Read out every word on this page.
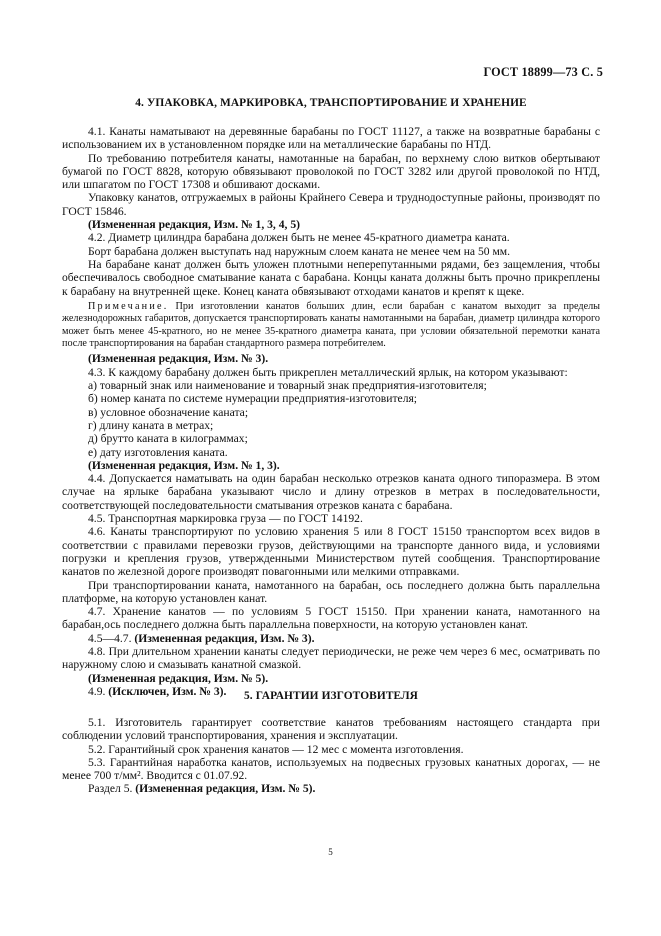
ГОСТ 18899—73 С. 5
4. УПАКОВКА, МАРКИРОВКА, ТРАНСПОРТИРОВАНИЕ И ХРАНЕНИЕ

4.1. Канаты наматывают на деревянные барабаны по ГОСТ 11127, а также на возвратные барабаны с использованием их в установленном порядке или на металлические барабаны по НТД.

По требованию потребителя канаты, намотанные на барабан, по верхнему слою витков обертывают бумагой по ГОСТ 8828, которую обвязывают проволокой по ГОСТ 3282 или другой проволокой по НТД, или шпагатом по ГОСТ 17308 и обшивают досками.

Упаковку канатов, отгружаемых в районы Крайнего Севера и труднодоступные районы, производят по ГОСТ 15846.

(Измененная редакция, Изм. № 1, 3, 4, 5)

4.2. Диаметр цилиндра барабана должен быть не менее 45-кратного диаметра каната.

Борт барабана должен выступать над наружным слоем каната не менее чем на 50 мм.

На барабане канат должен быть уложен плотными неперепутанными рядами, без защемления, чтобы обеспечивалось свободное сматывание каната с барабана. Концы каната должны быть прочно прикреплены к барабану на внутренней щеке. Конец каната обвязывают отходами канатов и крепят к щеке.

Примечание. При изготовлении канатов больших длин, если барабан с канатом выходит за пределы железнодорожных габаритов, допускается транспортировать канаты намотанными на барабан, диаметр цилиндра которого может быть менее 45-кратного, но не менее 35-кратного диаметра каната, при условии обязательной перемотки каната после транспортирования на барабан стандартного размера потребителем.

(Измененная редакция, Изм. № 3).

4.3. К каждому барабану должен быть прикреплен металлический ярлык, на котором указывают:

а) товарный знак или наименование и товарный знак предприятия-изготовителя;

б) номер каната по системе нумерации предприятия-изготовителя;

в) условное обозначение каната;

г) длину каната в метрах;

д) брутто каната в килограммах;

е) дату изготовления каната.

(Измененная редакция, Изм. № 1, 3).

4.4. Допускается наматывать на один барабан несколько отрезков каната одного типоразмера. В этом случае на ярлыке барабана указывают число и длину отрезков в метрах в последовательности, соответствующей последовательности сматывания отрезков каната с барабана.

4.5. Транспортная маркировка груза — по ГОСТ 14192.

4.6. Канаты транспортируют по условию хранения 5 или 8 ГОСТ 15150 транспортом всех видов в соответствии с правилами перевозки грузов, действующими на транспорте данного вида, и условиями погрузки и крепления грузов, утвержденными Министерством путей сообщения. Транспортирование канатов по железной дороге производят повагонными или мелкими отправками.

При транспортировании каната, намотанного на барабан, ось последнего должна быть параллельна платформе, на которую установлен канат.

4.7. Хранение канатов — по условиям 5 ГОСТ 15150. При хранении каната, намотанного на барабан,ось последнего должна быть параллельна поверхности, на которую установлен канат.

4.5—4.7. (Измененная редакция, Изм. № 3).

4.8. При длительном хранении канаты следует периодически, не реже чем через 6 мес, осматривать по наружному слою и смазывать канатной смазкой.

(Измененная редакция, Изм. № 5).

4.9. (Исключен, Изм. № 3).	5. ГАРАНТИИ ИЗГОТОВИТЕЛЯ

5.1. Изготовитель гарантирует соответствие канатов требованиям настоящего стандарта при соблюдении условий транспортирования, хранения и эксплуатации.

5.2. Гарантийный срок хранения канатов — 12 мес с момента изготовления.

5.3. Гарантийная наработка канатов, используемых на подвесных грузовых канатных дорогах, — не менее 700 т/мм². Вводится с 01.07.92.

Раздел 5. (Измененная редакция, Изм. № 5).

5
